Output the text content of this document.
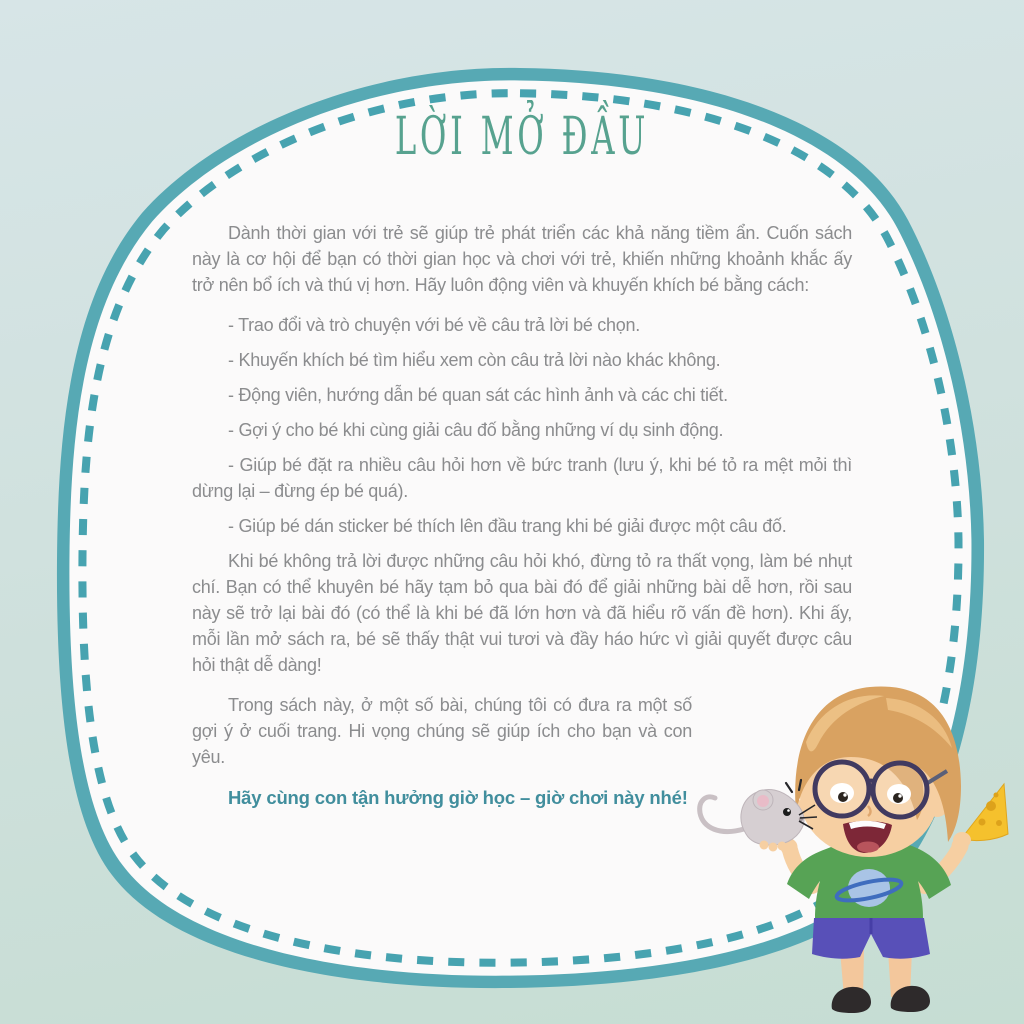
LỜI MỞ ĐẦU

Dành thời gian với trẻ sẽ giúp trẻ phát triển các khả năng tiềm ẩn. Cuốn sách này là cơ hội để bạn có thời gian học và chơi với trẻ, khiến những khoảnh khắc ấy trở nên bổ ích và thú vị hơn. Hãy luôn động viên và khuyến khích bé bằng cách:

- Trao đổi và trò chuyện với bé về câu trả lời bé chọn.
- Khuyến khích bé tìm hiểu xem còn câu trả lời nào khác không.
- Động viên, hướng dẫn bé quan sát các hình ảnh và các chi tiết.
- Gợi ý cho bé khi cùng giải câu đố bằng những ví dụ sinh động.
- Giúp bé đặt ra nhiều câu hỏi hơn về bức tranh (lưu ý, khi bé tỏ ra mệt mỏi thì dừng lại – đừng ép bé quá).
- Giúp bé dán sticker bé thích lên đầu trang khi bé giải được một câu đố.

Khi bé không trả lời được những câu hỏi khó, đừng tỏ ra thất vọng, làm bé nhụt chí. Bạn có thể khuyên bé hãy tạm bỏ qua bài đó để giải những bài dễ hơn, rồi sau này sẽ trở lại bài đó (có thể là khi bé đã lớn hơn và đã hiểu rõ vấn đề hơn). Khi ấy, mỗi lần mở sách ra, bé sẽ thấy thật vui tươi và đầy háo hức vì giải quyết được câu hỏi thật dễ dàng!

Trong sách này, ở một số bài, chúng tôi có đưa ra một số gợi ý ở cuối trang. Hi vọng chúng sẽ giúp ích cho bạn và con yêu.

Hãy cùng con tận hưởng giờ học – giờ chơi này nhé!
